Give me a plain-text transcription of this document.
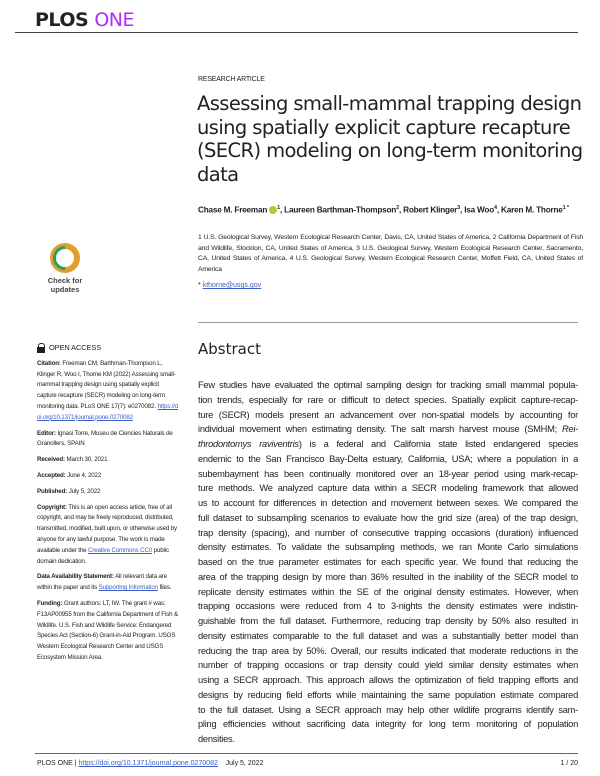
PLOS ONE
RESEARCH ARTICLE
Assessing small-mammal trapping design
using spatially explicit capture recapture
(SECR) modeling on long-term monitoring
data
Chase M. Freeman $^1$, Laureen Barthman-Thompson$^2$, Robert Klinger$^3$, Isa Woo$^4$, Karen M. Thorne$^{1 *}$
1 U.S. Geological Survey, Western Ecological Research Center, Davis, CA, United States of America, 2 California Department of Fish and Wildlife, Stockton, CA, United States of America, 3 U.S. Geological Survey, Western Ecological Research Center, Sacramento, CA, United States of America, 4 U.S. Geological Survey, Western Ecological Research Center, Moffett Field, CA, United States of America
* kthorne@usgs.gov
Check for
updates
Abstract
Few studies have evaluated the optimal sampling design for tracking small mammal popula-
tion trends, especially for rare or difficult to detect species. Spatially explicit capture-recap-
ture (SECR) models present an advancement over non-spatial models by accounting for
individual movement when estimating density. The salt marsh harvest mouse (SMHM; Rei-
throdontomys raviventris) is a federal and California state listed endangered species
endemic to the San Francisco Bay-Delta estuary, California, USA; where a population in a
subembayment has been continually monitored over an 18-year period using mark-recap-
ture methods. We analyzed capture data within a SECR modeling framework that allowed
us to account for differences in detection and movement between sexes. We compared the
full dataset to subsampling scenarios to evaluate how the grid size (area) of the trap design,
trap density (spacing), and number of consecutive trapping occasions (duration) influenced
density estimates. To validate the subsampling methods, we ran Monte Carlo simulations
based on the true parameter estimates for each specific year. We found that reducing the
area of the trapping design by more than 36% resulted in the inability of the SECR model to
replicate density estimates within the SE of the original density estimates. However, when
trapping occasions were reduced from 4 to 3-nights the density estimates were indistin-
guishable from the full dataset. Furthermore, reducing trap density by 50% also resulted in
density estimates comparable to the full dataset and was a substantially better model than
reducing the trap area by 50%. Overall, our results indicated that moderate reductions in the
number of trapping occasions or trap density could yield similar density estimates when
using a SECR approach. This approach allows the optimization of field trapping efforts and
designs by reducing field efforts while maintaining the same population estimate compared
to the full dataset. Using a SECR approach may help other wildlife programs identify sam-
pling efficiencies without sacrificing data integrity for long term monitoring of population
densities.
OPEN ACCESS

Citation: Freeman CM, Barthman-Thompson L, Klinger R, Woo I, Thorne KM (2022) Assessing small-mammal trapping design using spatially explicit capture recapture (SECR) modeling on long-term monitoring data. PLoS ONE 17(7): e0270082. https://doi.org/10.1371/journal.pone.0270082

Editor: Ignasi Torre, Museu de Ciencies Naturals de Granollers, SPAIN

Received: March 30, 2021

Accepted: June 4, 2022

Published: July 5, 2022

Copyright: This is an open access article, free of all copyright, and may be freely reproduced, distributed, transmitted, modified, built upon, or otherwise used by anyone for any lawful purpose. The work is made available under the Creative Commons CC0 public domain dedication.

Data Availability Statement: All relevant data are within the paper and its Supporting Information files.

Funding: Grant authors: LT, IW. The grant # was: F13AP00955 from the California Department of Fish & Wildlife. U.S. Fish and Wildlife Service: Endangered Species Act (Section-6) Grant-in-Aid Program. USGS Western Ecological Research Center and USGS Ecosystem Mission Area.

PLOS ONE | https://doi.org/10.1371/journal.pone.0270082 July 5, 2022	1 / 20
